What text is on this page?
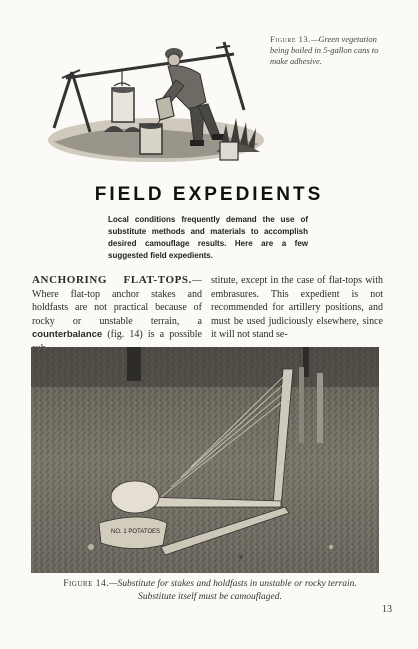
Figure 13.—Green vegetation being boiled in 5-gallon cans to make adhesive.
FIELD EXPEDIENTS
Local conditions frequently demand the use of substitute methods and materials to accomplish desired camouflage results. Here are a few suggested field expedients.
ANCHORING FLAT-TOPS.— Where flat-top anchor stakes and holdfasts are not practical because of rocky or unstable terrain, a counterbalance (fig. 14) is a possible
stitute, except in the case of flat-tops with embrasures. This expedient is not recommended for artillery positions, and must be used judiciously elsewhere, since it will not stand se-
NO. 1 POTATOES
Figure 14.—Substitute for stakes and holdfasts in unstable or rocky terrain. Substitute itself must be camouflaged.
13
